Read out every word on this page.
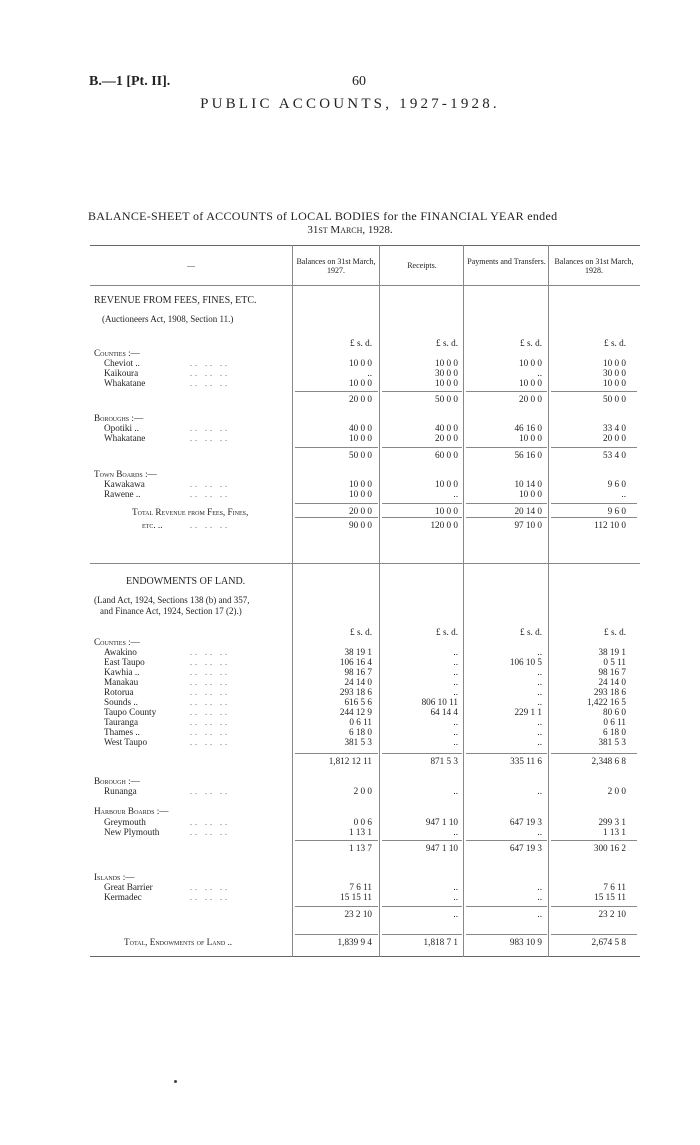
B.—1 [Pt. II].	60
PUBLIC ACCOUNTS, 1927-1928.
BALANCE-SHEET of ACCOUNTS of LOCAL BODIES for the FINANCIAL YEAR ended
31st March, 1928.
—	Balances on 31st March, 1927.
Receipts.	Payments and Transfers.	Balances on 31st March, 1928.
REVENUE FROM FEES, FINES, ETC.
(Auctioneers Act, 1908, Section 11.)
ENDOWMENTS OF LAND.
(Land Act, 1924, Sections 138 (b) and 357,
and Finance Act, 1924, Section 17 (2).)
£ s. d.	£ s. d.	£ s. d.	£ s. d.
Counties :—
Cheviot ..	.. .. ..	10 0 0	10 0 0	10 0 0	10 0 0
Kaikoura	.. .. ..	..	30 0 0	..	30 0 0
Whakatane	.. .. ..	10 0 0	10 0 0	10 0 0	10 0 0
20 0 0	50 0 0	20 0 0	50 0 0
Boroughs :—
Opotiki ..	.. .. ..	40 0 0	40 0 0	46 16 0	33 4 0
Whakatane	.. .. ..	10 0 0	20 0 0	10 0 0	20 0 0
50 0 0	60 0 0	56 16 0	53 4 0
Town Boards :—
Kawakawa	.. .. ..	10 0 0	10 0 0	10 14 0	9 6 0
Rawene ..	.. .. ..	10 0 0	..	10 0 0	..
20 0 0	10 0 0	20 14 0	9 6 0
Total Revenue from Fees, Fines,
etc. ..	.. .. ..	90 0 0	120 0 0	97 10 0	112 10 0
£ s. d.	£ s. d.	£ s. d.	£ s. d.
Counties :—
Awakino	.. .. ..	38 19 1	..	..	38 19 1
East Taupo	.. .. ..	106 16 4	..	106 10 5	0 5 11
Kawhia ..	.. .. ..	98 16 7	..	..	98 16 7
Manakau	.. .. ..	24 14 0	..	..	24 14 0
Rotorua	.. .. ..	293 18 6	..	..	293 18 6
Sounds ..	.. .. ..	616 5 6	806 10 11	..	1,422 16 5
Taupo County	.. .. ..	244 12 9	64 14 4	229 1 1	80 6 0
Tauranga	.. .. ..	0 6 11	..	..	0 6 11
Thames ..	.. .. ..	6 18 0	..	..	6 18 0
West Taupo	.. .. ..	381 5 3	..	..	381 5 3
1,812 12 11	871 5 3	335 11 6	2,348 6 8
Borough :—
Runanga	.. .. ..	2 0 0	..	..	2 0 0
Harbour Boards :—
Greymouth	.. .. ..	0 0 6	947 1 10	647 19 3	299 3 1
New Plymouth	.. .. ..	1 13 1	..	..	1 13 1
1 13 7	947 1 10	647 19 3	300 16 2
Islands :—
Great Barrier	.. .. ..	7 6 11	..	..	7 6 11
Kermadec	.. .. ..	15 15 11	..	..	15 15 11
23 2 10	..	..	23 2 10
Total, Endowments of Land ..	1,839 9 4	1,818 7 1	983 10 9	2,674 5 8
